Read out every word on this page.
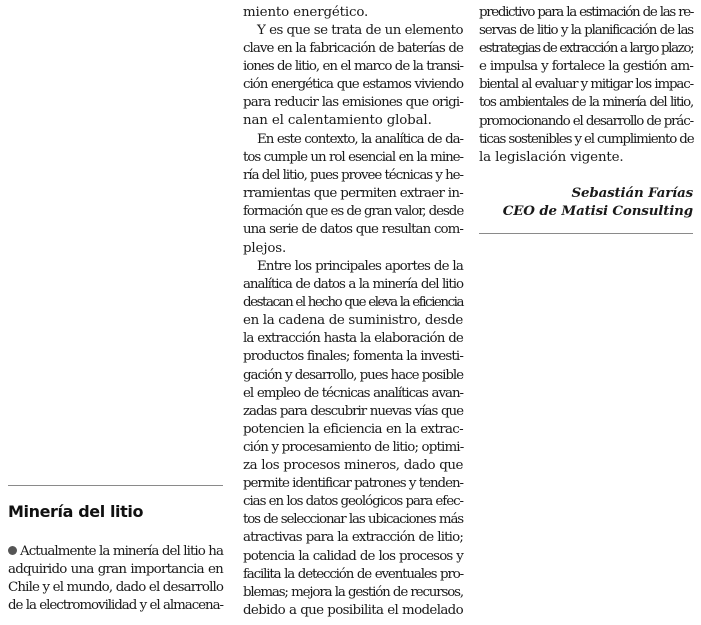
Minería del litio

Actualmente la minería del litio ha
adquirido una gran importancia en
Chile y el mundo, dado el desarrollo
de la electromovilidad y el almacena-

miento energético.

Y es que se trata de un elemento
clave en la fabricación de baterías de
iones de litio, en el marco de la transi-
ción energética que estamos viviendo
para reducir las emisiones que origi-
nan el calentamiento global.

En este contexto, la analítica de da-
tos cumple un rol esencial en la mine-
ría del litio, pues provee técnicas y he-
rramientas que permiten extraer in-
formación que es de gran valor, desde
una serie de datos que resultan com-
plejos.

Entre los principales aportes de la
analítica de datos a la minería del litio
destacan el hecho que eleva la eficiencia
en la cadena de suministro, desde
la extracción hasta la elaboración de
productos finales; fomenta la investi-
gación y desarrollo, pues hace posible
el empleo de técnicas analíticas avan-
zadas para descubrir nuevas vías que
potencien la eficiencia en la extrac-
ción y procesamiento de litio; optimi-
za los procesos mineros, dado que
permite identificar patrones y tenden-
cias en los datos geológicos para efec-
tos de seleccionar las ubicaciones más
atractivas para la extracción de litio;
potencia la calidad de los procesos y
facilita la detección de eventuales pro-
blemas; mejora la gestión de recursos,
debido a que posibilita el modelado

predictivo para la estimación de las re-
servas de litio y la planificación de las
estrategias de extracción a largo plazo;
e impulsa y fortalece la gestión am-
biental al evaluar y mitigar los impac-
tos ambientales de la minería del litio,
promocionando el desarrollo de prác-
ticas sostenibles y el cumplimiento de
la legislación vigente.

Sebastián Farías
CEO de Matisi Consulting
